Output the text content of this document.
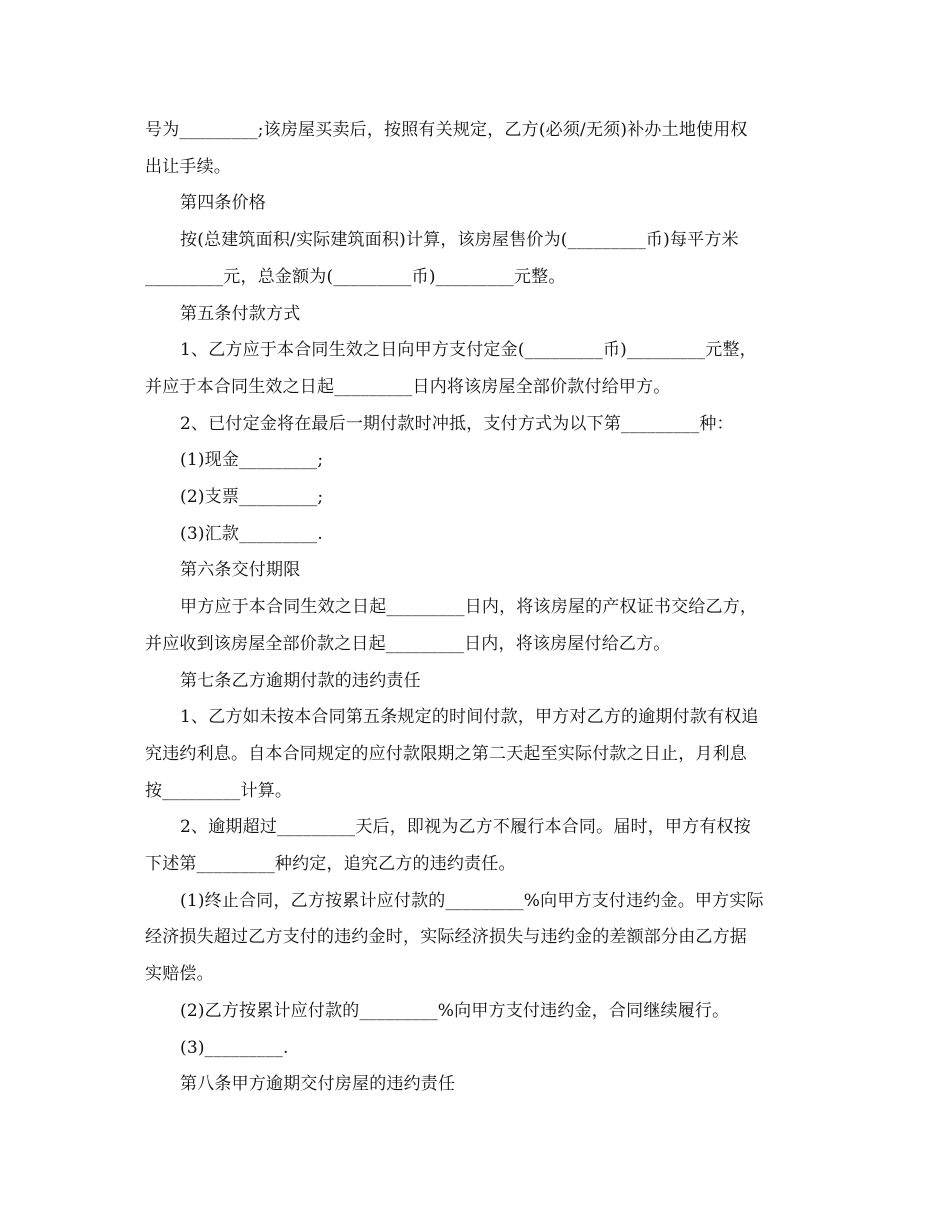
号为_________;该房屋买卖后，按照有关规定，乙方(必须/无须)补办土地使用权
出让手续。
第四条价格
按(总建筑面积/实际建筑面积)计算，该房屋售价为(_________币)每平方米
_________元，总金额为(_________币)_________元整。
第五条付款方式
1、乙方应于本合同生效之日向甲方支付定金(_________币)_________元整，
并应于本合同生效之日起_________日内将该房屋全部价款付给甲方。
2、已付定金将在最后一期付款时冲抵，支付方式为以下第_________种：
(1)现金_________;
(2)支票_________;
(3)汇款_________.
第六条交付期限
甲方应于本合同生效之日起_________日内，将该房屋的产权证书交给乙方，
并应收到该房屋全部价款之日起_________日内，将该房屋付给乙方。
第七条乙方逾期付款的违约责任
1、乙方如未按本合同第五条规定的时间付款，甲方对乙方的逾期付款有权追
究违约利息。自本合同规定的应付款限期之第二天起至实际付款之日止，月利息
按_________计算。
2、逾期超过_________天后，即视为乙方不履行本合同。届时，甲方有权按
下述第_________种约定，追究乙方的违约责任。
(1)终止合同，乙方按累计应付款的_________%向甲方支付违约金。甲方实际
经济损失超过乙方支付的违约金时，实际经济损失与违约金的差额部分由乙方据
实赔偿。
(2)乙方按累计应付款的_________%向甲方支付违约金，合同继续履行。
(3)_________.
第八条甲方逾期交付房屋的违约责任
